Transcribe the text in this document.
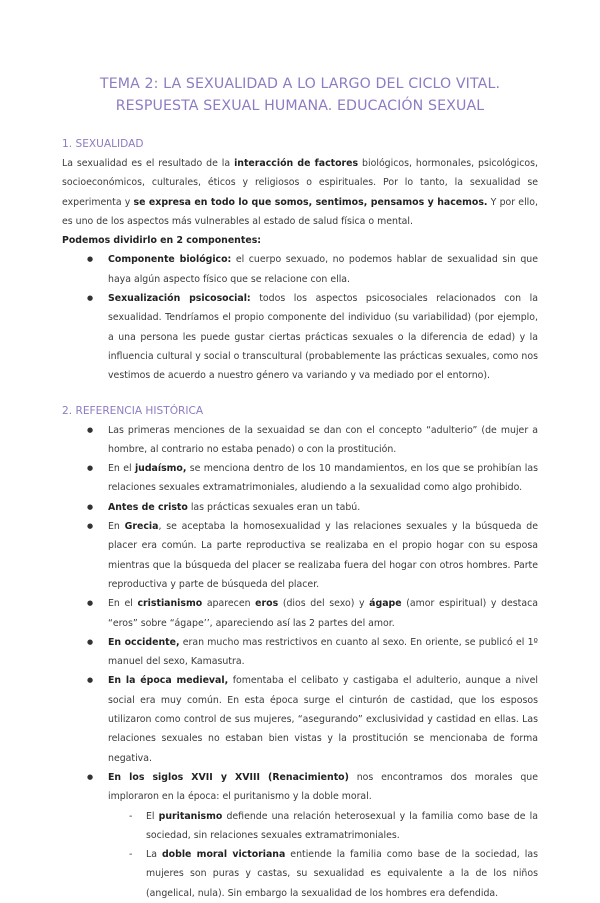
TEMA 2: LA SEXUALIDAD A LO LARGO DEL CICLO VITAL.
RESPUESTA SEXUAL HUMANA. EDUCACIÓN SEXUAL
1. SEXUALIDAD

La sexualidad es el resultado de la interacción de factores biológicos, hormonales, psicológicos, socioeconómicos, culturales, éticos y religiosos o espirituales. Por lo tanto, la sexualidad se experimenta y se expresa en todo lo que somos, sentimos, pensamos y hacemos. Y por ello, es uno de los aspectos más vulnerables al estado de salud física o mental.

Podemos dividirlo en 2 componentes:

● Componente biológico: el cuerpo sexuado, no podemos hablar de sexualidad sin que haya algún aspecto físico que se relacione con ella.
● Sexualización psicosocial: todos los aspectos psicosociales relacionados con la sexualidad. Tendríamos el propio componente del individuo (su variabilidad) (por ejemplo, a una persona les puede gustar ciertas prácticas sexuales o la diferencia de edad) y la influencia cultural y social o transcultural (probablemente las prácticas sexuales, como nos vestimos de acuerdo a nuestro género va variando y va mediado por el entorno).
2. REFERENCIA HISTÓRICA
● Las primeras menciones de la sexuaidad se dan con el concepto “adulterio” (de mujer a hombre, al contrario no estaba penado) o con la prostitución.
● En el judaísmo, se menciona dentro de los 10 mandamientos, en los que se prohibían las relaciones sexuales extramatrimoniales, aludiendo a la sexualidad como algo prohibido.
● Antes de cristo las prácticas sexuales eran un tabú.
● En Grecia, se aceptaba la homosexualidad y las relaciones sexuales y la búsqueda de placer era común. La parte reproductiva se realizaba en el propio hogar con su esposa mientras que la búsqueda del placer se realizaba fuera del hogar con otros hombres. Parte reproductiva y parte de búsqueda del placer.
● En el cristianismo aparecen eros (dios del sexo) y ágape (amor espiritual) y destaca “eros” sobre “ágape’’, apareciendo así las 2 partes del amor.
● En occidente, eran mucho mas restrictivos en cuanto al sexo. En oriente, se publicó el 1º manuel del sexo, Kamasutra.
● En la época medieval, fomentaba el celibato y castigaba el adulterio, aunque a nivel social era muy común. En esta época surge el cinturón de castidad, que los esposos utilizaron como control de sus mujeres, “asegurando” exclusividad y castidad en ellas. Las relaciones sexuales no estaban bien vistas y la prostitución se mencionaba de forma negativa.
● En los siglos XVII y XVIII (Renacimiento) nos encontramos dos morales que imploraron en la época: el puritanismo y la doble moral.
- El puritanismo defiende una relación heterosexual y la familia como base de la sociedad, sin relaciones sexuales extramatrimoniales.
- La doble moral victoriana entiende la familia como base de la sociedad, las mujeres son puras y castas, su sexualidad es equivalente a la de los niños (angelical, nula). Sin embargo la sexualidad de los hombres era defendida.
